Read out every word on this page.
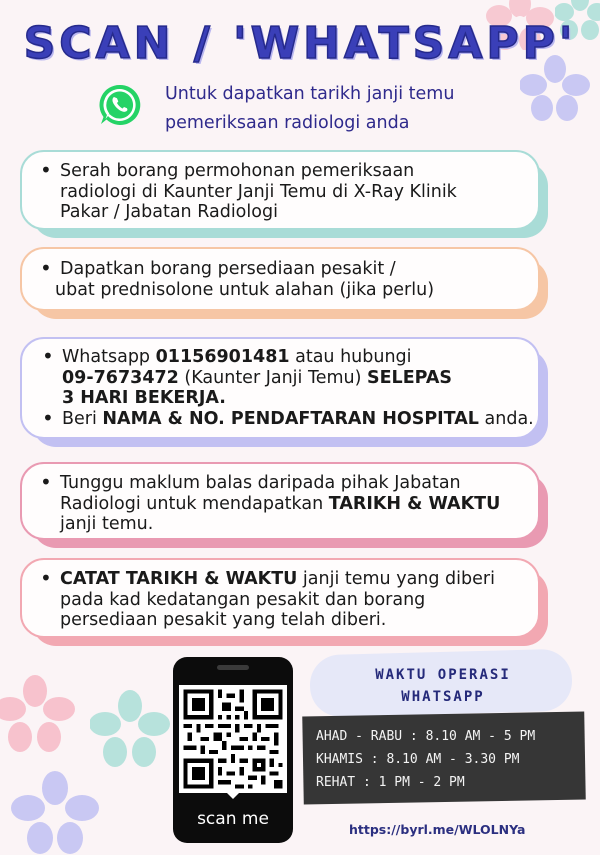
SCAN / 'WHATSAPP'
Untuk dapatkan tarikh janji temu
pemeriksaan radiologi anda
• Serah borang permohonan pemeriksaan
radiologi di Kaunter Janji Temu di X-Ray Klinik
Pakar / Jabatan Radiologi
• Dapatkan borang persediaan pesakit /
ubat prednisolone untuk alahan (jika perlu)
• Whatsapp 01156901481 atau hubungi
09-7673472 (Kaunter Janji Temu) SELEPAS
3 HARI BEKERJA.
• Beri NAMA & NO. PENDAFTARAN HOSPITAL anda.
• Tunggu maklum balas daripada pihak Jabatan
Radiologi untuk mendapatkan TARIKH & WAKTU
janji temu.
• CATAT TARIKH & WAKTU janji temu yang diberi
pada kad kedatangan pesakit dan borang
persediaan pesakit yang telah diberi.
scan me
WAKTU OPERASI
WHATSAPP
AHAD - RABU : 8.10 AM - 5 PM
KHAMIS : 8.10 AM - 3.30 PM
REHAT : 1 PM - 2 PM
https://byrl.me/WLOLNYa
